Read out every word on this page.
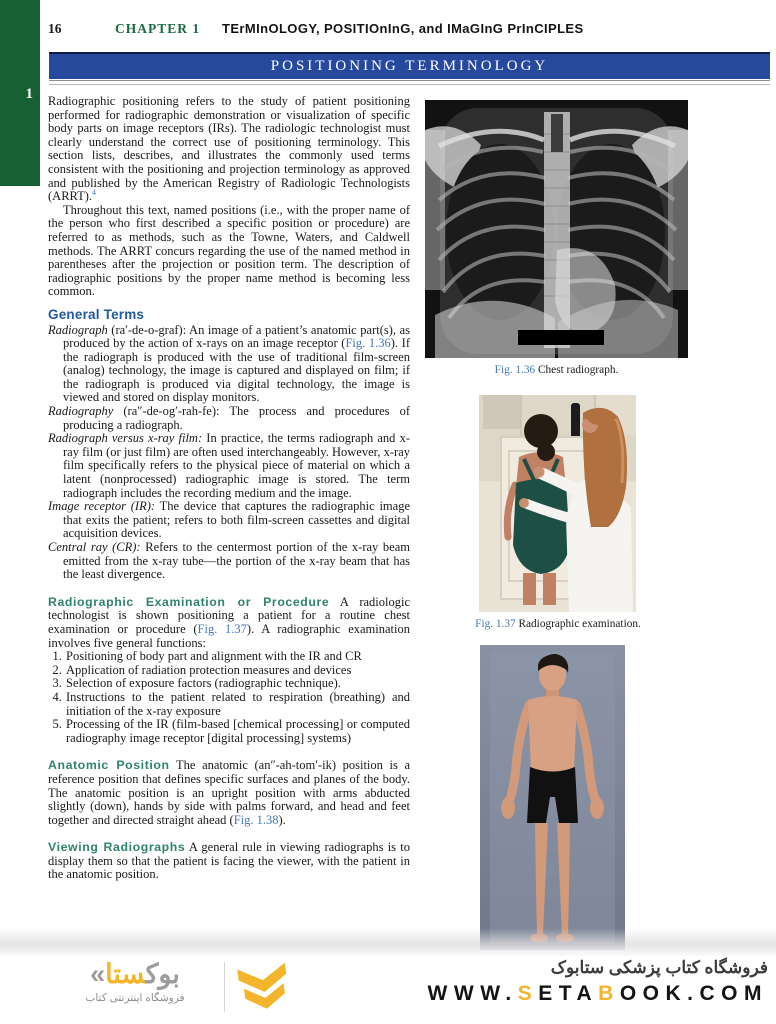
1
16	CHAPTER 1	TErMInOLOGY, POSITIOnInG, and IMaGInG PrInCIPLES
POSITIONING TERMINOLOGY

Radiographic positioning refers to the study of patient positioning performed for radiographic demonstration or visualization of specific body parts on image receptors (IRs). The radiologic technologist must clearly understand the correct use of positioning terminology. This section lists, describes, and illustrates the commonly used terms consistent with the positioning and projection terminology as approved and published by the American Registry of Radiologic Technologists (ARRT).$^4$

Throughout this text, named positions (i.e., with the proper name of the person who first described a specific position or procedure) are referred to as methods, such as the Towne, Waters, and Caldwell methods. The ARRT concurs regarding the use of the named method in parentheses after the projection or position term. The description of radiographic positions by the proper name method is becoming less common.

General Terms
Radiograph (ra′-de-o-graf): An image of a patient’s anatomic part(s), as produced by the action of x-rays on an image receptor (Fig. 1.36). If the radiograph is produced with the use of traditional film-screen (analog) technology, the image is captured and displayed on film; if the radiograph is produced via digital technology, the image is viewed and stored on display monitors.
Radiography (ra″-de-og′-rah-fe): The process and procedures of producing a radiograph.
Radiograph versus x-ray film: In practice, the terms radiograph and x-ray film (or just film) are often used interchangeably. However, x-ray film specifically refers to the physical piece of material on which a latent (nonprocessed) radiographic image is stored. The term radiograph includes the recording medium and the image.
Image receptor (IR): The device that captures the radiographic image that exits the patient; refers to both film-screen cassettes and digital acquisition devices.
Central ray (CR): Refers to the centermost portion of the x-ray beam emitted from the x-ray tube—the portion of the x-ray beam that has the least divergence.

Radiographic Examination or Procedure A radiologic technologist is shown positioning a patient for a routine chest examination or procedure (Fig. 1.37). A radiographic examination involves five general functions:

1. Positioning of body part and alignment with the IR and CR
2. Application of radiation protection measures and devices
3. Selection of exposure factors (radiographic technique).
4. Instructions to the patient related to respiration (breathing) and initiation of the x-ray exposure
5. Processing of the IR (film-based [chemical processing] or computed radiography image receptor [digital processing] systems)

Anatomic Position The anatomic (an″-ah-tom′-ik) position is a reference position that defines specific surfaces and planes of the body. The anatomic position is an upright position with arms abducted slightly (down), hands by side with palms forward, and head and feet together and directed straight ahead (Fig. 1.38).

Viewing Radiographs A general rule in viewing radiographs is to display them so that the patient is facing the viewer, with the patient in the anatomic position.

Fig. 1.36 Chest radiograph.
Fig. 1.37 Radiographic examination.
« بوکستا
فروشگاه اینترنتی کتاب
فروشگاه کتاب پزشکی ستابوک
WWW.SETABOOK.COM
